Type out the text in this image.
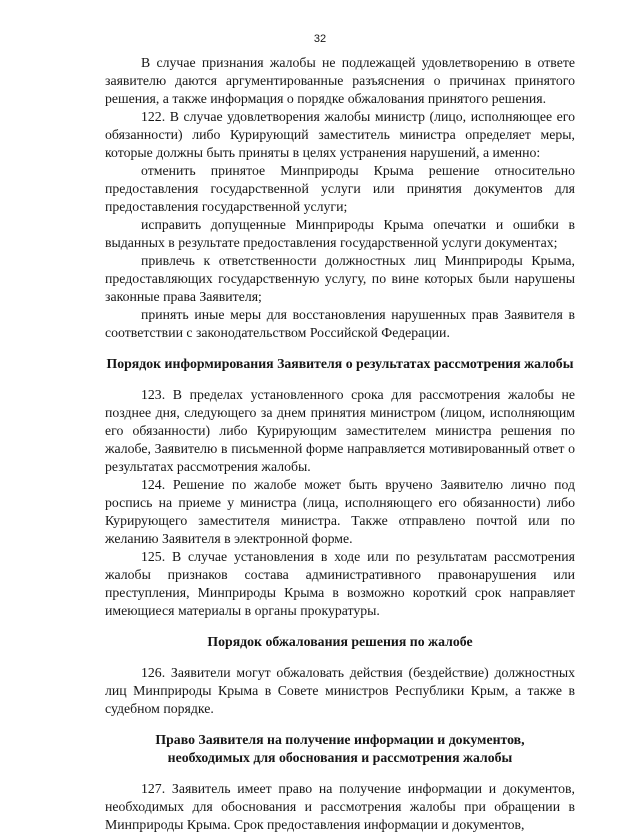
32

В случае признания жалобы не подлежащей удовлетворению в ответе заявителю даются аргументированные разъяснения о причинах принятого решения, а также информация о порядке обжалования принятого решения.

122. В случае удовлетворения жалобы министр (лицо, исполняющее его обязанности) либо Курирующий заместитель министра определяет меры, которые должны быть приняты в целях устранения нарушений, а именно:

отменить принятое Минприроды Крыма решение относительно предоставления государственной услуги или принятия документов для предоставления государственной услуги;

исправить допущенные Минприроды Крыма опечатки и ошибки в выданных в результате предоставления государственной услуги документах;

привлечь к ответственности должностных лиц Минприроды Крыма, предоставляющих государственную услугу, по вине которых были нарушены законные права Заявителя;

принять иные меры для восстановления нарушенных прав Заявителя в соответствии с законодательством Российской Федерации.

Порядок информирования Заявителя о результатах рассмотрения жалобы

123. В пределах установленного срока для рассмотрения жалобы не позднее дня, следующего за днем принятия министром (лицом, исполняющим его обязанности) либо Курирующим заместителем министра решения по жалобе, Заявителю в письменной форме направляется мотивированный ответ о результатах рассмотрения жалобы.

124. Решение по жалобе может быть вручено Заявителю лично под роспись на приеме у министра (лица, исполняющего его обязанности) либо Курирующего заместителя министра. Также отправлено почтой или по желанию Заявителя в электронной форме.

125. В случае установления в ходе или по результатам рассмотрения жалобы признаков состава административного правонарушения или преступления, Минприроды Крыма в возможно короткий срок направляет имеющиеся материалы в органы прокуратуры.

Порядок обжалования решения по жалобе

126. Заявители могут обжаловать действия (бездействие) должностных лиц Минприроды Крыма в Совете министров Республики Крым, а также в судебном порядке.

Право Заявителя на получение информации и документов,
необходимых для обоснования и рассмотрения жалобы

127. Заявитель имеет право на получение информации и документов, необходимых для обоснования и рассмотрения жалобы при обращении в Минприроды Крыма. Срок предоставления информации и документов,
